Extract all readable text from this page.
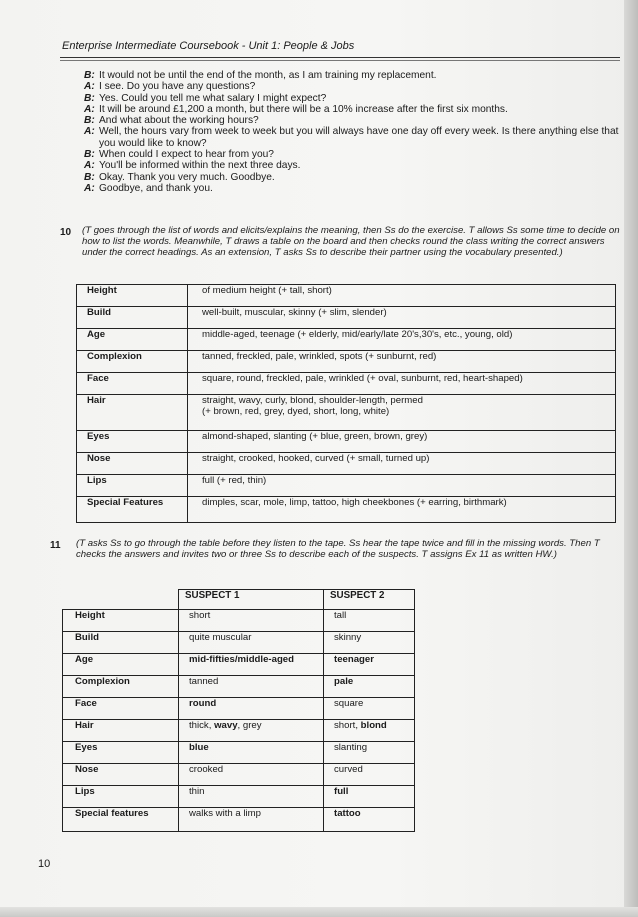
Enterprise Intermediate Coursebook - Unit 1: People & Jobs
B: It would not be until the end of the month, as I am training my replacement.
A: I see. Do you have any questions?
B: Yes. Could you tell me what salary I might expect?
A: It will be around £1,200 a month, but there will be a 10% increase after the first six months.
B: And what about the working hours?
A: Well, the hours vary from week to week but you will always have one day off every week. Is there anything else that you would like to know?
B: When could I expect to hear from you?
A: You'll be informed within the next three days.
B: Okay. Thank you very much. Goodbye.
A: Goodbye, and thank you.
10 (T goes through the list of words and elicits/explains the meaning, then Ss do the exercise. T allows Ss some time to decide on how to list the words. Meanwhile, T draws a table on the board and then checks round the class writing the correct answers under the correct headings. As an extension, T asks Ss to describe their partner using the vocabulary presented.)
Height	of medium height (+ tall, short)
Build	well-built, muscular, skinny (+ slim, slender)
Age	middle-aged, teenage (+ elderly, mid/early/late 20's,30's, etc., young, old)
Complexion	tanned, freckled, pale, wrinkled, spots (+ sunburnt, red)
Face	square, round, freckled, pale, wrinkled (+ oval, sunburnt, red, heart-shaped)
Hair	straight, wavy, curly, blond, shoulder-length, permed
(+ brown, red, grey, dyed, short, long, white)

Eyes	almond-shaped, slanting (+ blue, green, brown, grey)
Nose	straight, crooked, hooked, curved (+ small, turned up)
Lips	full (+ red, thin)
Special Features	dimples, scar, mole, limp, tattoo, high cheekbones (+ earring, birthmark)
11 (T asks Ss to go through the table before they listen to the tape. Ss hear the tape twice and fill in the missing words. Then T checks the answers and invites two or three Ss to describe each of the suspects. T assigns Ex 11 as written HW.)
	SUSPECT 1	SUSPECT 2
Height	short	tall
Build	quite muscular	skinny
Age	mid-fifties/middle-aged	teenager
Complexion	tanned	pale
Face	round	square
Hair	thick, wavy, grey	short, blond
Eyes	blue	slanting
Nose	crooked	curved
Lips	thin	full
Special features	walks with a limp	tattoo
10
